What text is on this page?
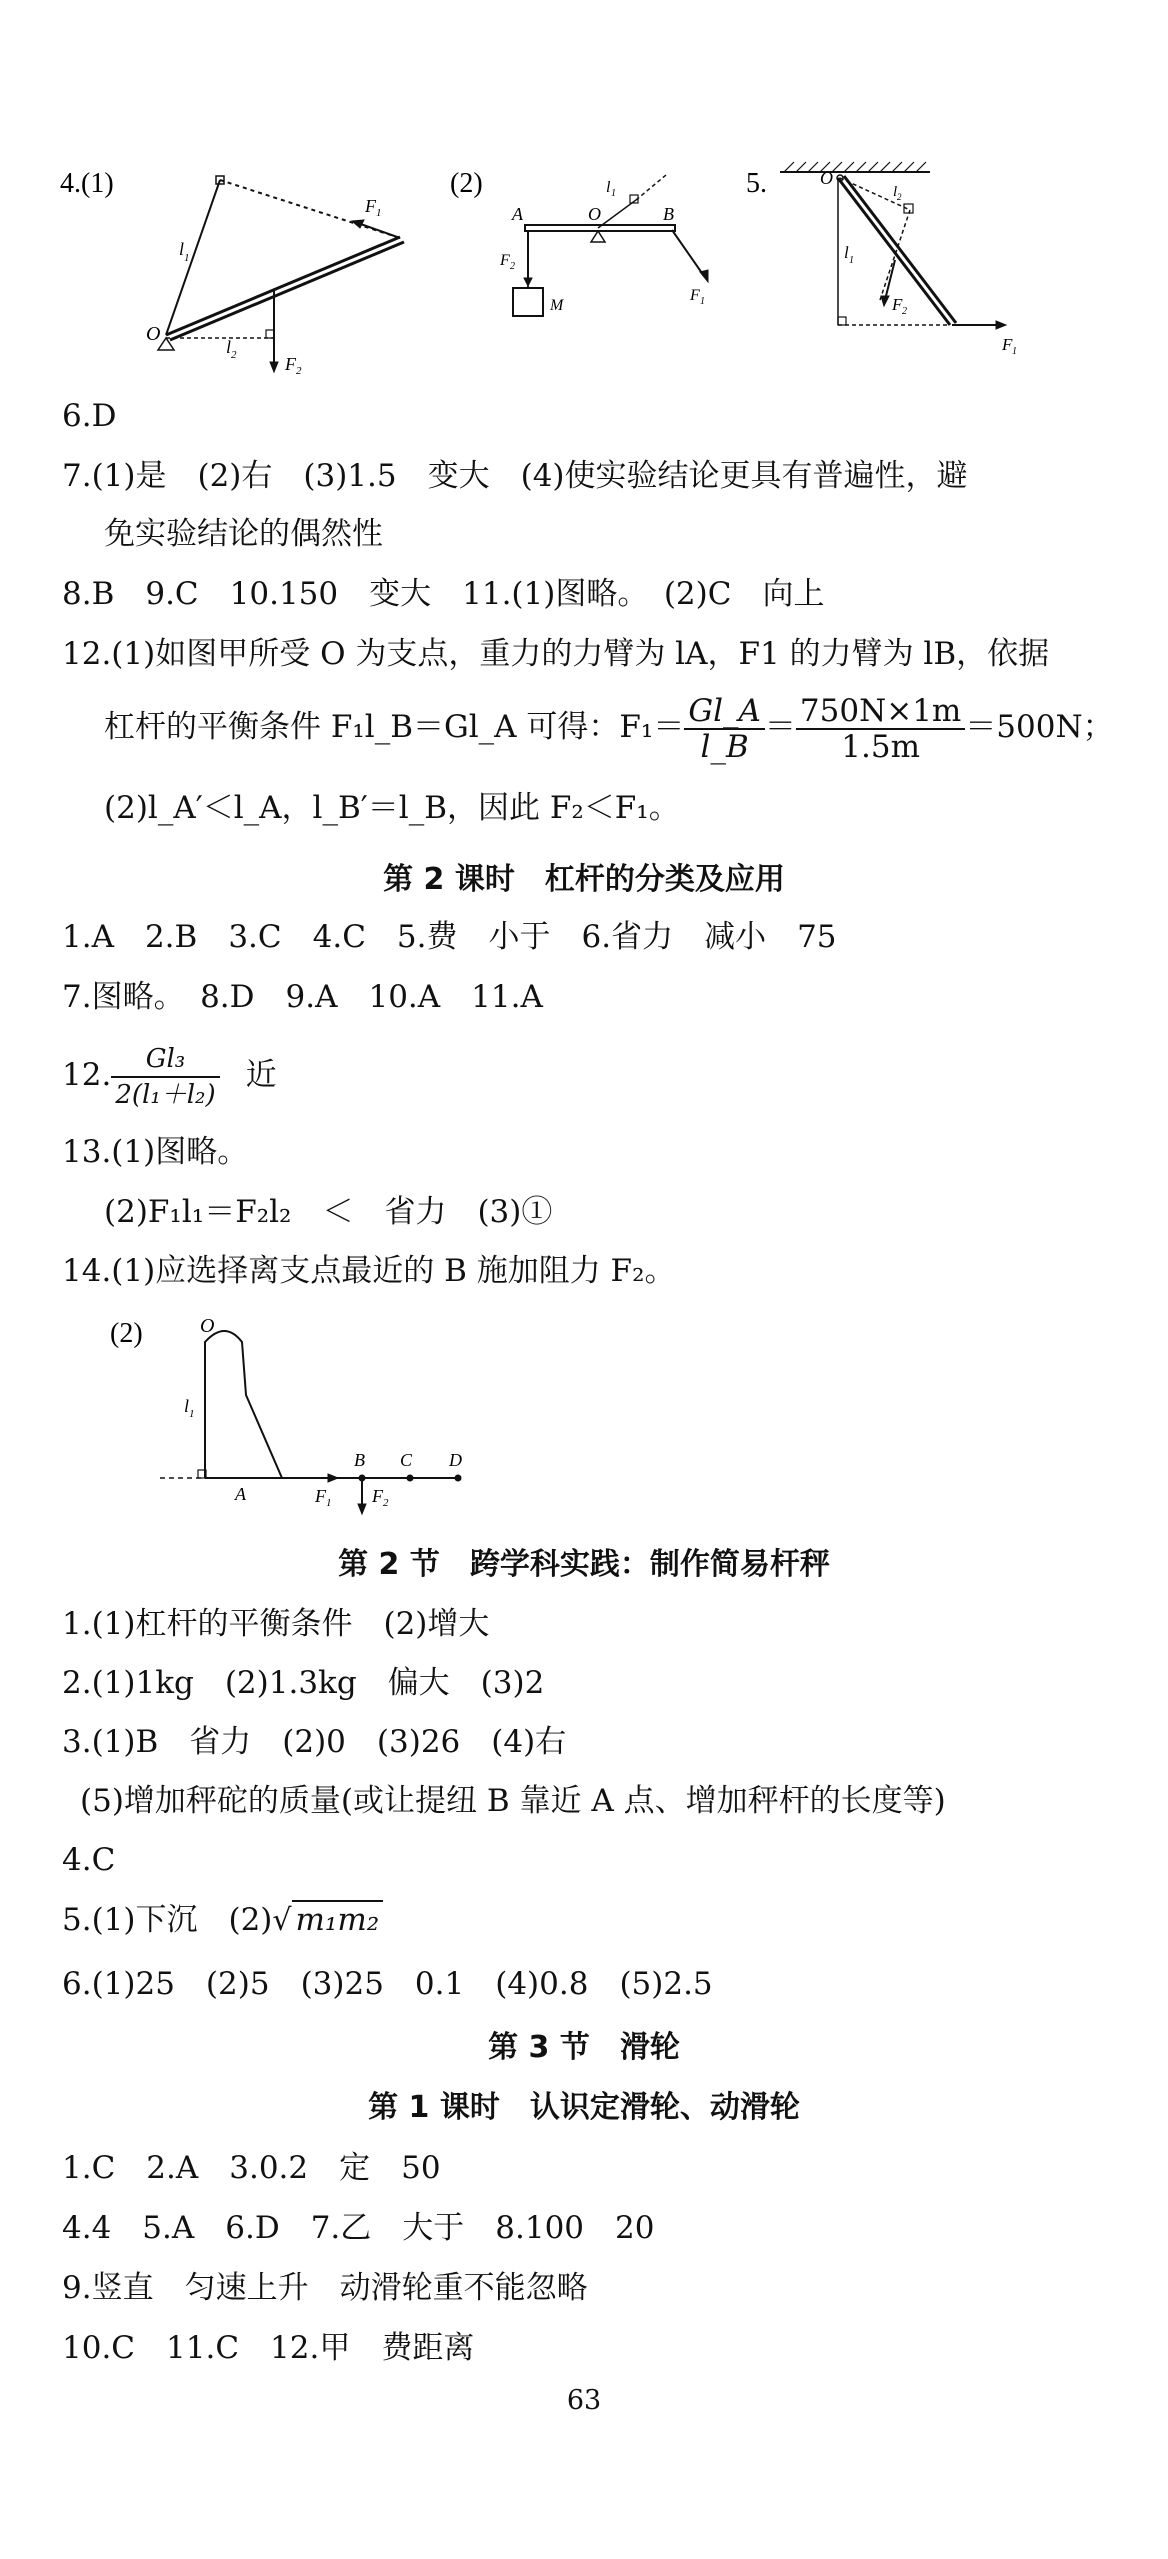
4.(1)
O
l 1
F 1
l 2	F 2
(2)
A	O	B
M
l 1
F 1
F 2
5.	O
l 1
l 2
F 1
F 2
6.D
7.(1)是　(2)右　(3)1.5　变大　(4)使实验结论更具有普遍性，避
免实验结论的偶然性
8.B　9.C　10.150　变大　11.(1)图略。　(2)C　向上
12.(1)如图甲所受 O 为支点，重力的力臂为 lA，F1 的力臂为 lB，依据
杠杆的平衡条件 F₁l_B＝Gl_A 可得：$F_1= \frac{Gl\_A}{l\_B} = \frac{750N\times 1m}{1.5m} =500N$；
(2)l_A′＜l_A，l_B′＝l_B，因此 F₂＜F₁。
第 2 课时　杠杆的分类及应用
1.A　2.B　3.C　4.C　5.费　小于　6.省力　减小　75
7.图略。　8.D　9.A　10.A　11.A
12. $\frac{\text{Gl₃}}{\text{2(l₁＋l₂)}}$ 近
13.(1)图略。
(2)F₁l₁＝F₂l₂　＜　省力　(3)①
14.(1)应选择离支点最近的 B 施加阻力 F₂。
(2)	O
l 1
A
B C D
F 1 F 2
第 2 节　跨学科实践：制作简易杆秤
1.(1)杠杆的平衡条件　(2)增大
2.(1)1kg　(2)1.3kg　偏大　(3)2
3.(1)B　省力　(2)0　(3)26　(4)右
(5)增加秤砣的质量(或让提纽 B 靠近 A 点、增加秤杆的长度等)
4.C
5.(1)下沉　(2)√ m₁m₂
6.(1)25　(2)5　(3)25　0.1　(4)0.8　(5)2.5
第 3 节　滑轮
第 1 课时　认识定滑轮、动滑轮
1.C　2.A　3.0.2　定　50
4.4　5.A　6.D　7.乙　大于　8.100　20
9.竖直　匀速上升　动滑轮重不能忽略
10.C　11.C　12.甲　费距离
63
